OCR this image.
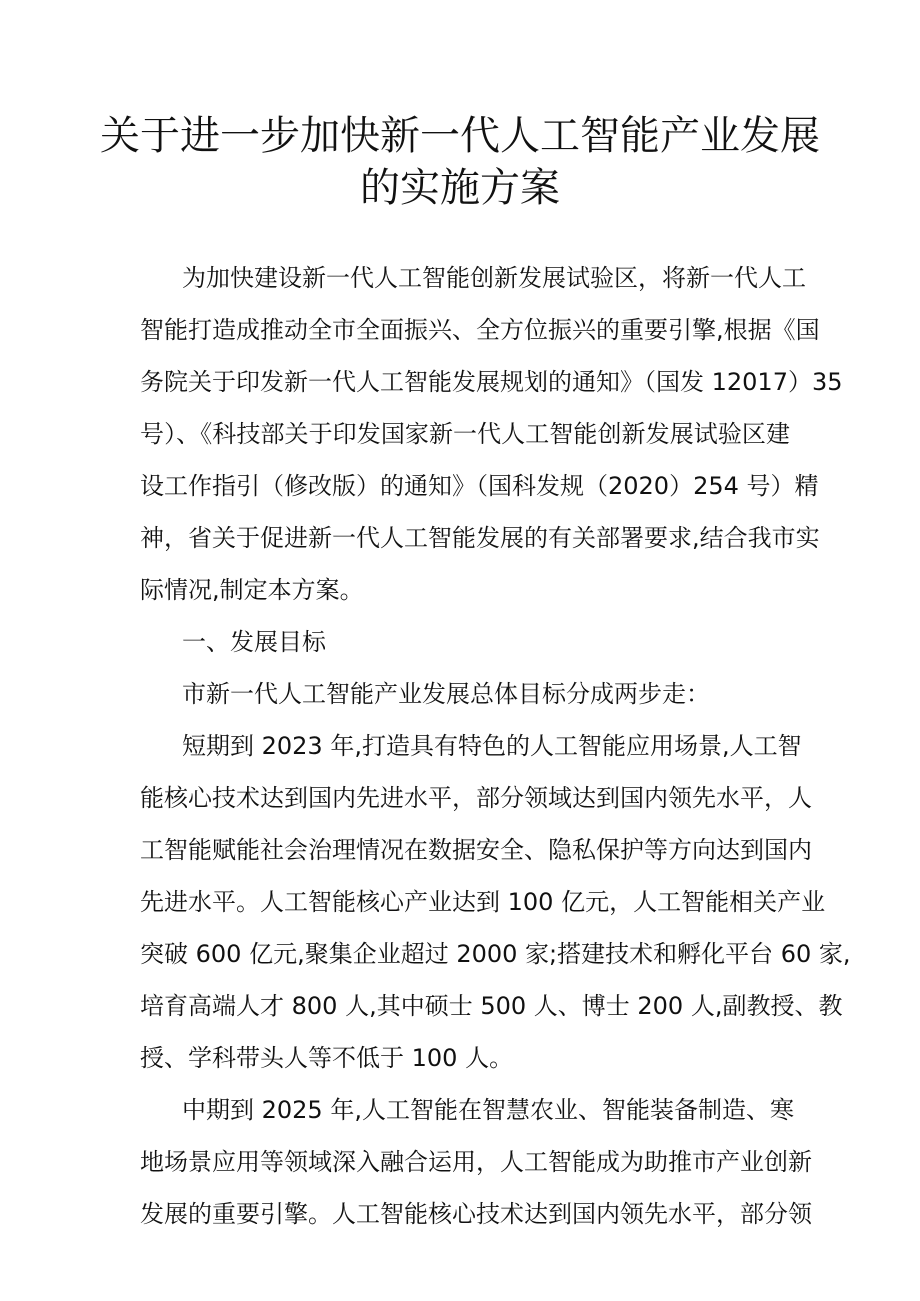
关于进一步加快新一代人工智能产业发展
的实施方案
为加快建设新一代人工智能创新发展试验区，将新一代人工
智能打造成推动全市全面振兴、全方位振兴的重要引擎,根据《国
务院关于印发新一代人工智能发展规划的通知》（国发 12017）35
号）、《科技部关于印发国家新一代人工智能创新发展试验区建
设工作指引（修改版）的通知》（国科发规（2020）254 号）精
神，省关于促进新一代人工智能发展的有关部署要求,结合我市实
际情况,制定本方案。
一、发展目标
市新一代人工智能产业发展总体目标分成两步走：
短期到 2023 年,打造具有特色的人工智能应用场景,人工智
能核心技术达到国内先进水平，部分领域达到国内领先水平，人
工智能赋能社会治理情况在数据安全、隐私保护等方向达到国内
先进水平。人工智能核心产业达到 100 亿元，人工智能相关产业
突破 600 亿元,聚集企业超过 2000 家;搭建技术和孵化平台 60 家,
培育高端人才 800 人,其中硕士 500 人、博士 200 人,副教授、教
授、学科带头人等不低于 100 人。
中期到 2025 年,人工智能在智慧农业、智能装备制造、寒
地场景应用等领域深入融合运用，人工智能成为助推市产业创新
发展的重要引擎。人工智能核心技术达到国内领先水平，部分领
